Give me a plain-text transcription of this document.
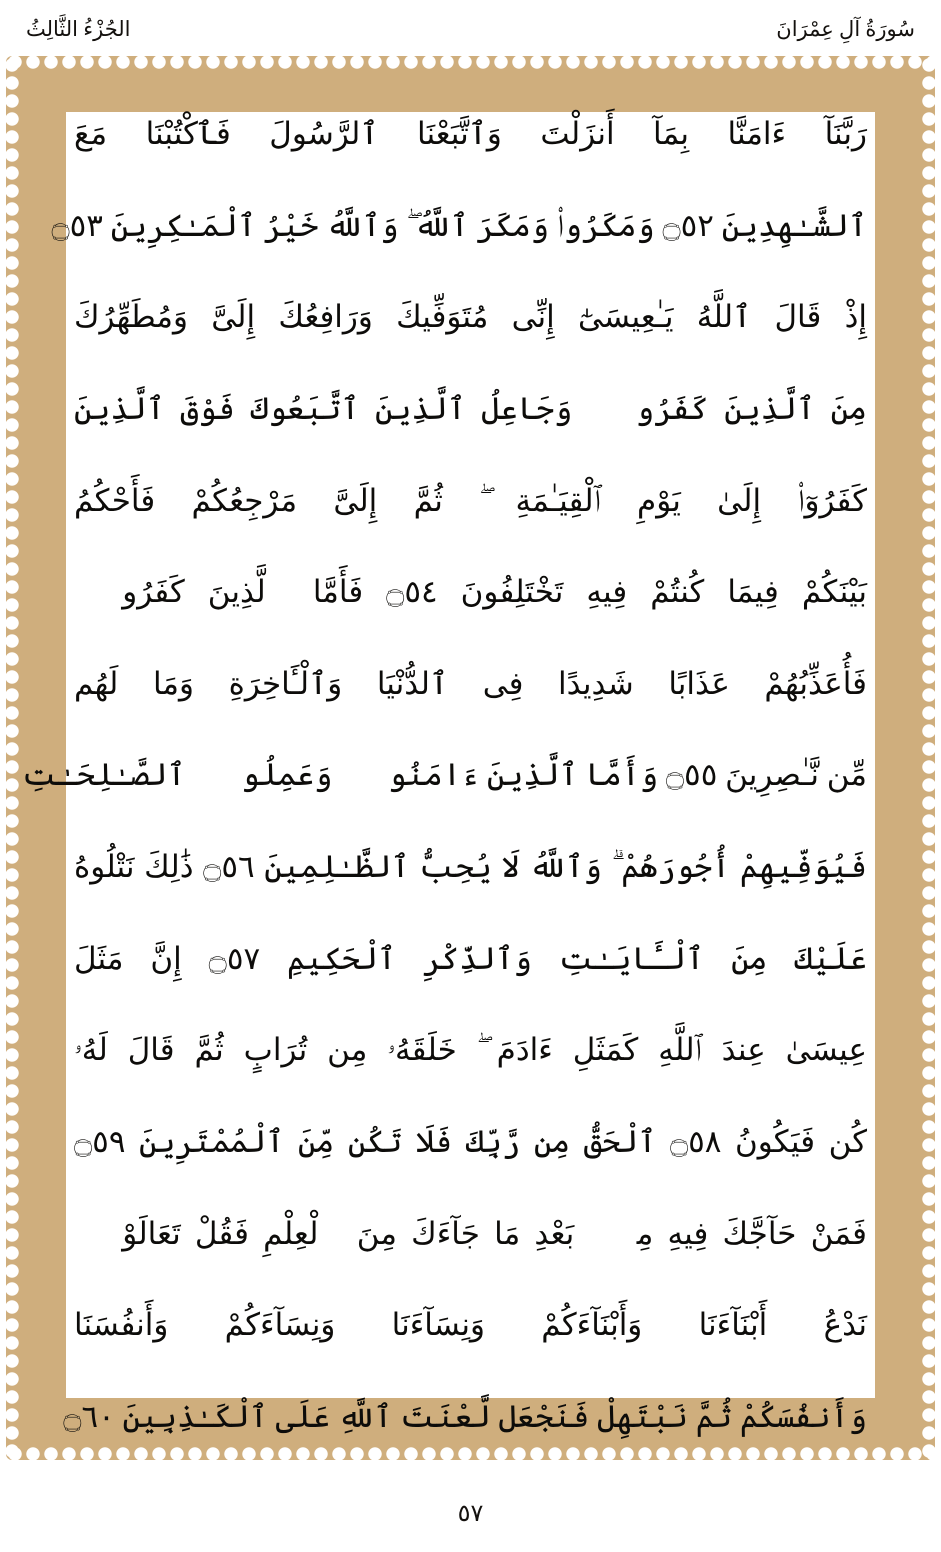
الجُزْءُ الثَّالِثُ	سُورَةُ آلِ عِمْرَانَ
رَبَّنَآ ءَامَنَّا بِمَآ أَنزَلْتَ وَٱتَّبَعْنَا ٱلرَّسُولَ فَٱكْتُبْنَا مَعَ
ٱلشَّـٰهِدِينَ ۝٥٢ وَمَكَرُوا۟ وَمَكَرَ ٱللَّهُ ۖ وَٱللَّهُ خَيْرُ ٱلْمَـٰكِرِينَ ۝٥٣
إِذْ قَالَ ٱللَّهُ يَـٰعِيسَىٰٓ إِنِّى مُتَوَفِّيكَ وَرَافِعُكَ إِلَىَّ وَمُطَهِّرُكَ
مِنَ ٱلَّذِينَ كَفَرُوا۟ وَجَاعِلُ ٱلَّذِينَ ٱتَّبَعُوكَ فَوْقَ ٱلَّذِينَ
كَفَرُوٓا۟ إِلَىٰ يَوْمِ ٱلْقِيَـٰمَةِ ۖ ثُمَّ إِلَىَّ مَرْجِعُكُمْ فَأَحْكُمُ
بَيْنَكُمْ فِيمَا كُنتُمْ فِيهِ تَخْتَلِفُونَ ۝٥٤ فَأَمَّا ٱلَّذِينَ كَفَرُوا۟
فَأُعَذِّبُهُمْ عَذَابًا شَدِيدًا فِى ٱلدُّنْيَا وَٱلْـَٔاخِرَةِ وَمَا لَهُم
مِّن نَّـٰصِرِينَ ۝٥٥ وَأَمَّا ٱلَّذِينَ ءَامَنُوا۟ وَعَمِلُوا۟ ٱلصَّـٰلِحَـٰتِ
فَيُوَفِّيهِمْ أُجُورَهُمْ ۗ وَٱللَّهُ لَا يُحِبُّ ٱلظَّـٰلِمِينَ ۝٥٦ ذَٰلِكَ نَتْلُوهُ
عَلَيْكَ مِنَ ٱلْـَٔايَـٰتِ وَٱلذِّكْرِ ٱلْحَكِيمِ ۝٥٧ إِنَّ مَثَلَ
عِيسَىٰ عِندَ ٱللَّهِ كَمَثَلِ ءَادَمَ ۖ خَلَقَهُۥ مِن تُرَابٍ ثُمَّ قَالَ لَهُۥ
كُن فَيَكُونُ ۝٥٨ ٱلْحَقُّ مِن رَّبِّكَ فَلَا تَكُن مِّنَ ٱلْمُمْتَرِينَ ۝٥٩
فَمَنْ حَآجَّكَ فِيهِ مِنۢ بَعْدِ مَا جَآءَكَ مِنَ ٱلْعِلْمِ فَقُلْ تَعَالَوْا۟
نَدْعُ أَبْنَآءَنَا وَأَبْنَآءَكُمْ وَنِسَآءَنَا وَنِسَآءَكُمْ وَأَنفُسَنَا
وَأَنفُسَكُمْ ثُمَّ نَبْتَهِلْ فَنَجْعَل لَّعْنَتَ ٱللَّهِ عَلَى ٱلْكَـٰذِبِينَ ۝٦٠
٥٧
